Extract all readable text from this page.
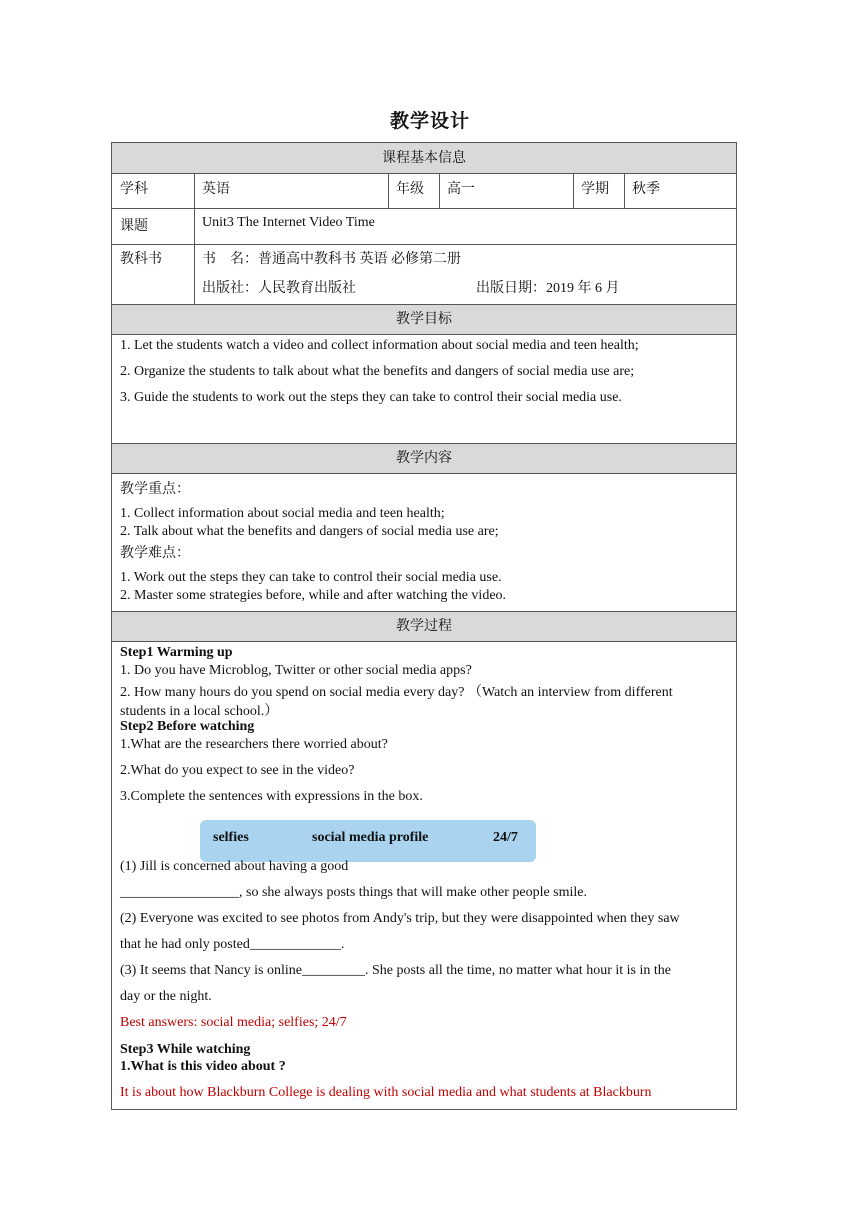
教学设计
课程基本信息
学科	英语	年级 高一	学期 秋季
课题	Unit3 The Internet Video Time
教科书	书　名：普通高中教科书 英语 必修第二册
出版社：人民教育出版社	出版日期：2019 年 6 月
教学目标
1. Let the students watch a video and collect information about social media and teen health;
2. Organize the students to talk about what the benefits and dangers of social media use are;
3. Guide the students to work out the steps they can take to control their social media use.
教学内容
教学重点：
1. Collect information about social media and teen health;
2. Talk about what the benefits and dangers of social media use are;
教学难点：
1. Work out the steps they can take to control their social media use.
2. Master some strategies before, while and after watching the video.
教学过程
Step1 Warming up
1. Do you have Microblog, Twitter or other social media apps?
2. How many hours do you spend on social media every day? （Watch an interview from different
students in a local school.）
Step2 Before watching
1.What are the researchers there worried about?
2.What do you expect to see in the video?
3.Complete the sentences with expressions in the box.
selfies	social media profile	24/7
(1) Jill is concerned about having a good
_________________, so she always posts things that will make other people smile.
(2) Everyone was excited to see photos from Andy's trip, but they were disappointed when they saw
that he had only posted_____________.
(3) It seems that Nancy is online_________. She posts all the time, no matter what hour it is in the
day or the night.
Best answers: social media; selfies; 24/7
Step3 While watching
1.What is this video about ?
It is about how Blackburn College is dealing with social media and what students at Blackburn
